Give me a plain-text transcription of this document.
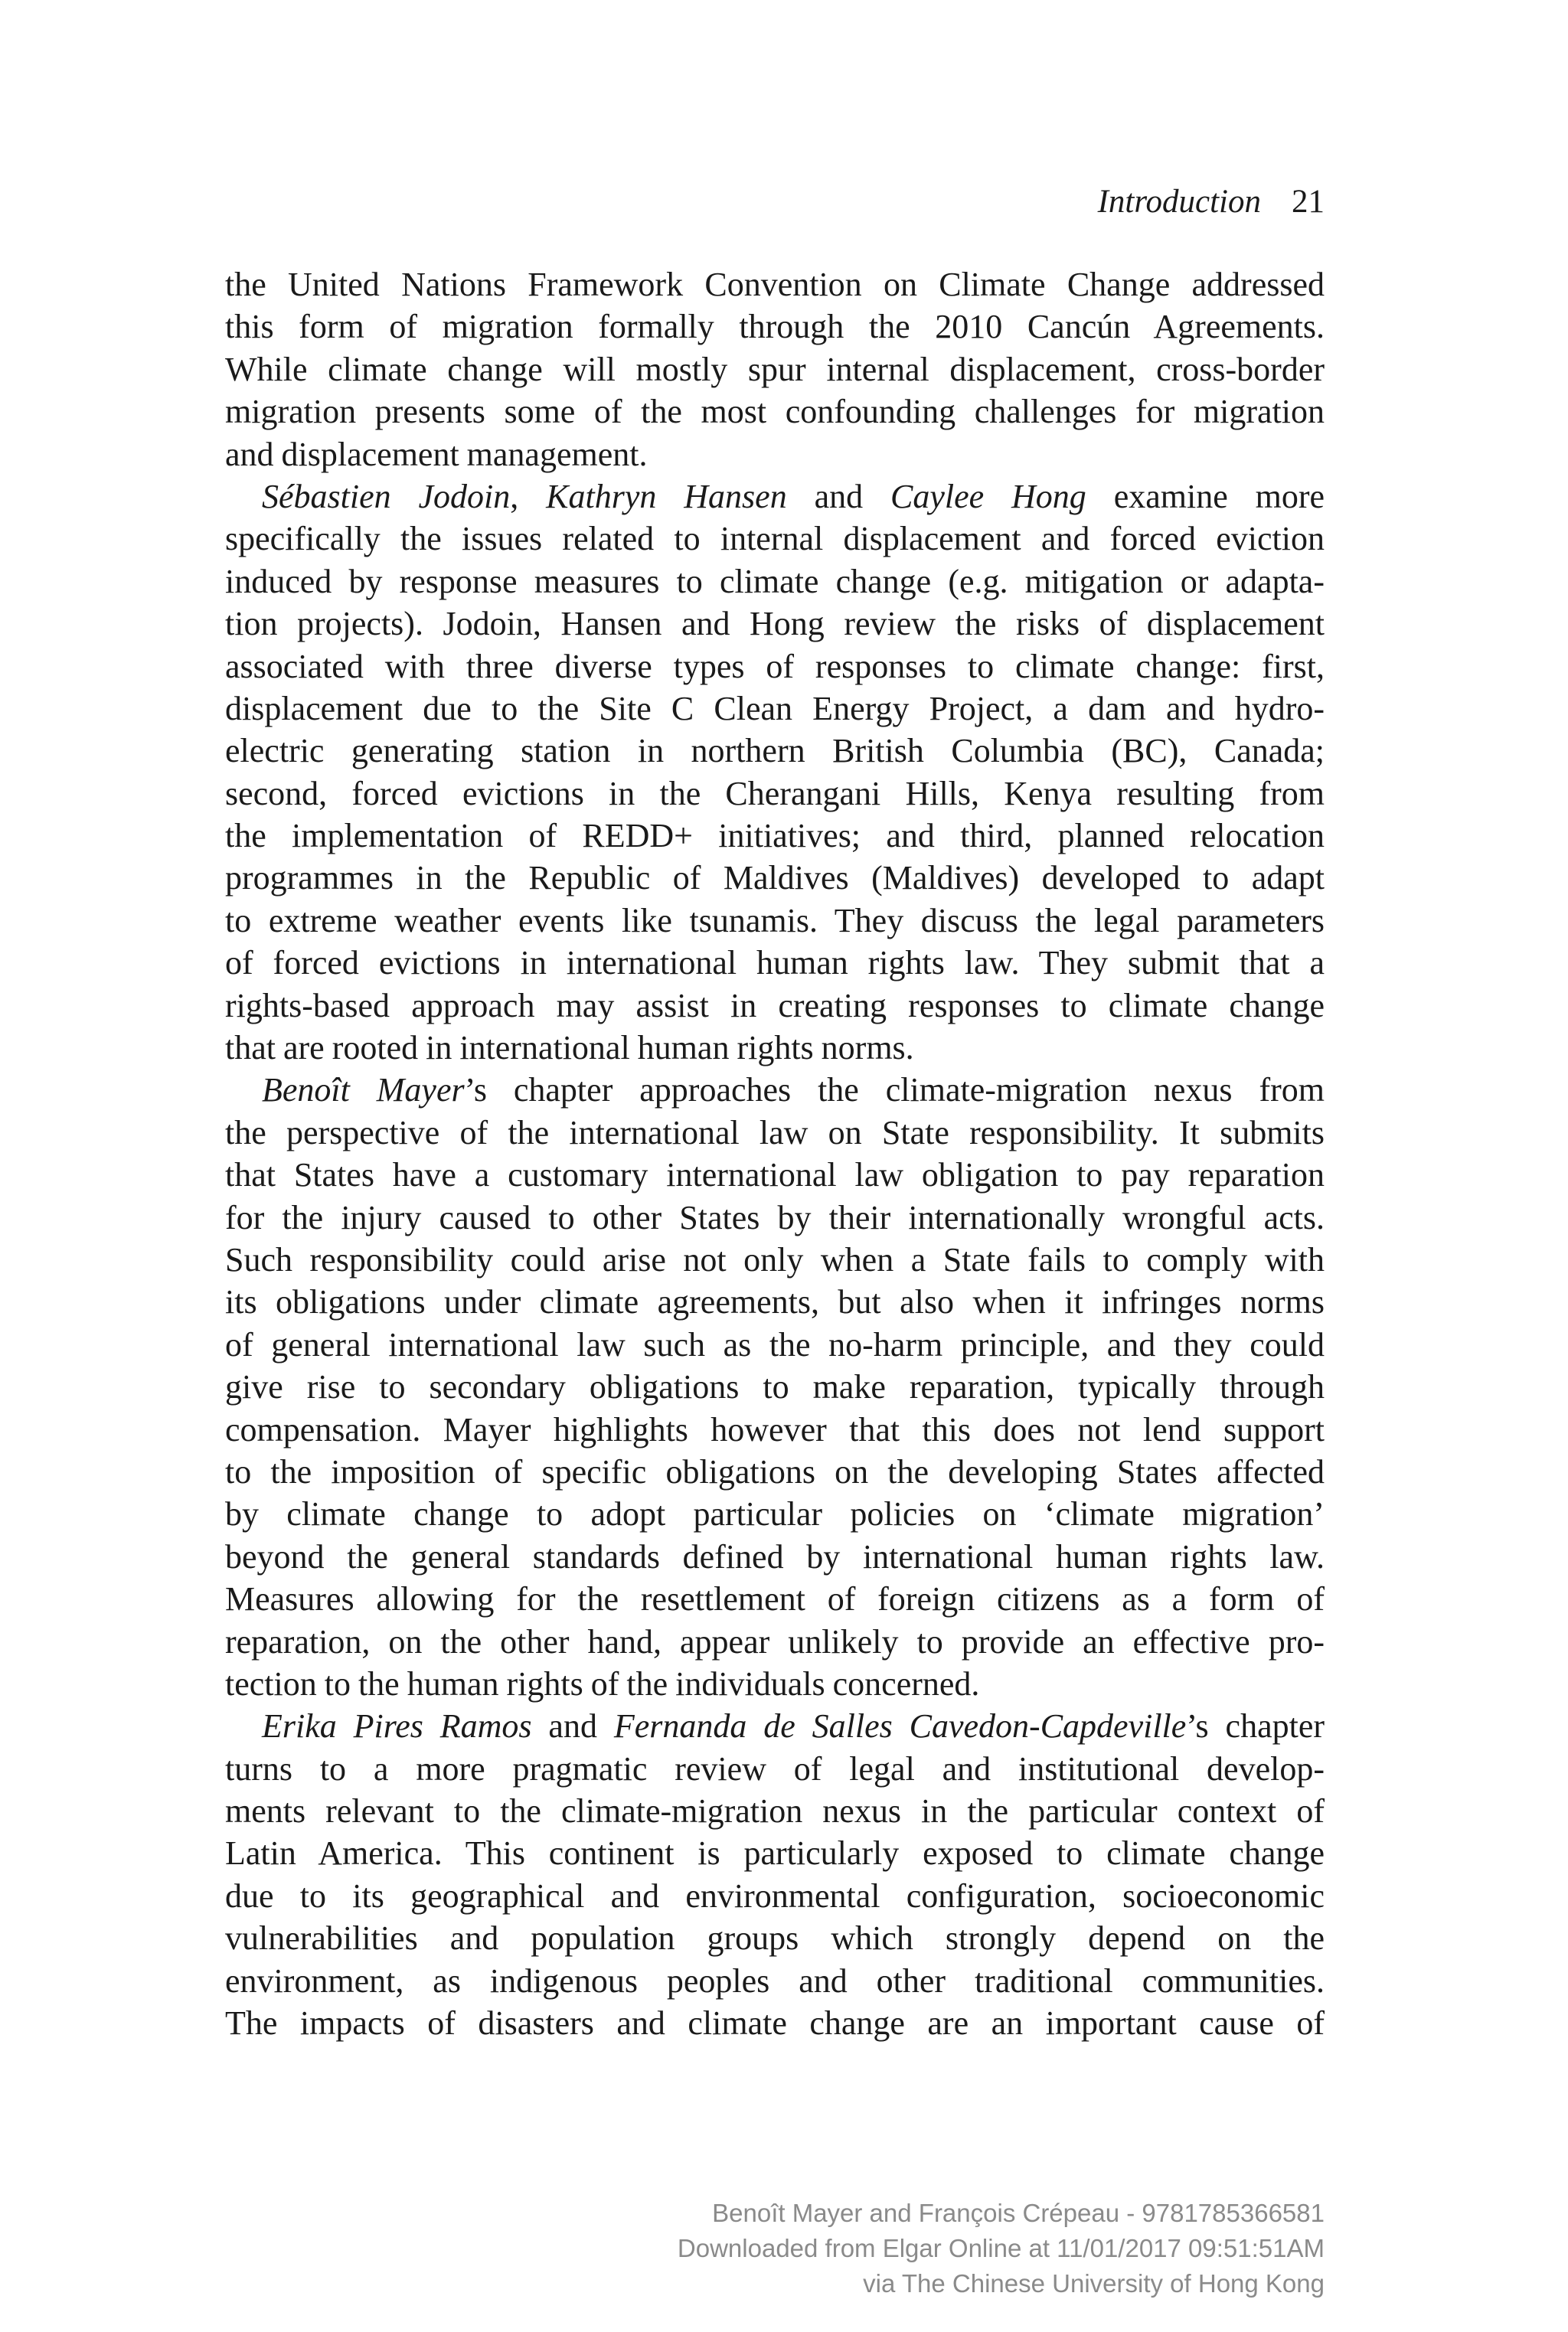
Introduction 21
the United Nations Framework Convention on Climate Change addressed
this form of migration formally through the 2010 Cancún Agreements.
While climate change will mostly spur internal displacement, cross-border
migration presents some of the most confounding challenges for migration
and displacement management.
Sébastien Jodoin, Kathryn Hansen and Caylee Hong examine more
specifically the issues related to internal displacement and forced eviction
induced by response measures to climate change (e.g. mitigation or adapta-
tion projects). Jodoin, Hansen and Hong review the risks of displacement
associated with three diverse types of responses to climate change: first,
displacement due to the Site C Clean Energy Project, a dam and hydro-
electric generating station in northern British Columbia (BC), Canada;
second, forced evictions in the Cherangani Hills, Kenya resulting from
the implementation of REDD+ initiatives; and third, planned relocation
programmes in the Republic of Maldives (Maldives) developed to adapt
to extreme weather events like tsunamis. They discuss the legal parameters
of forced evictions in international human rights law. They submit that a
rights-based approach may assist in creating responses to climate change
that are rooted in international human rights norms.
Benoît Mayer’s chapter approaches the climate-migration nexus from
the perspective of the international law on State responsibility. It submits
that States have a customary international law obligation to pay reparation
for the injury caused to other States by their internationally wrongful acts.
Such responsibility could arise not only when a State fails to comply with
its obligations under climate agreements, but also when it infringes norms
of general international law such as the no-harm principle, and they could
give rise to secondary obligations to make reparation, typically through
compensation. Mayer highlights however that this does not lend support
to the imposition of specific obligations on the developing States affected
by climate change to adopt particular policies on ‘climate migration’
beyond the general standards defined by international human rights law.
Measures allowing for the resettlement of foreign citizens as a form of
reparation, on the other hand, appear unlikely to provide an effective pro-
tection to the human rights of the individuals concerned.
Erika Pires Ramos and Fernanda de Salles Cavedon-Capdeville’s chapter
turns to a more pragmatic review of legal and institutional develop-
ments relevant to the climate-migration nexus in the particular context of
Latin America. This continent is particularly exposed to climate change
due to its geographical and environmental configuration, socioeconomic
vulnerabilities and population groups which strongly depend on the
environment, as indigenous peoples and other traditional communities.
The impacts of disasters and climate change are an important cause of
Benoît Mayer and François Crépeau - 9781785366581
Downloaded from Elgar Online at 11/01/2017 09:51:51AM
via The Chinese University of Hong Kong
